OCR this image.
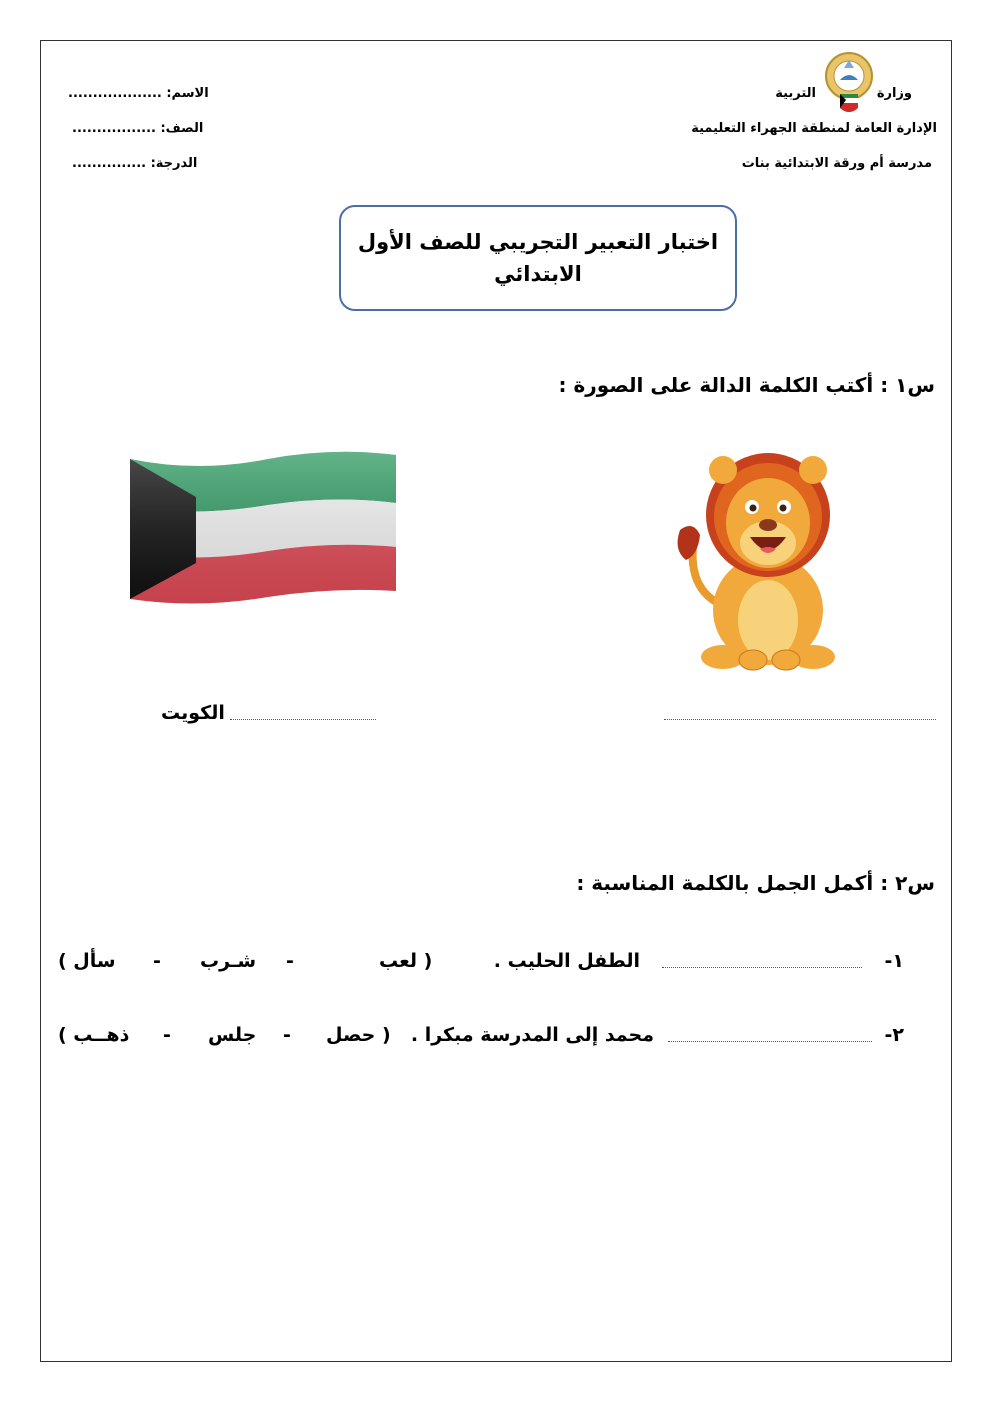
وزارة
التربية
الإدارة العامة لمنطقة الجهراء التعليمية
مدرسة أم ورقة الابتدائية بنات
الاسم: ...................
الصف: .................
الدرجة: ...............
اختبار التعبير التجريبي للصف الأول
الابتدائي
س١ : أكتب الكلمة الدالة على الصورة :
الكويت
س٢ : أكمل الجمل بالكلمة المناسبة :
١-
الطفل الحليب .
( لعب
-
شـرب
-
سأل )
٢-
محمد إلى المدرسة مبكرا .
( حصل
-
جلس
-
ذهــب )
